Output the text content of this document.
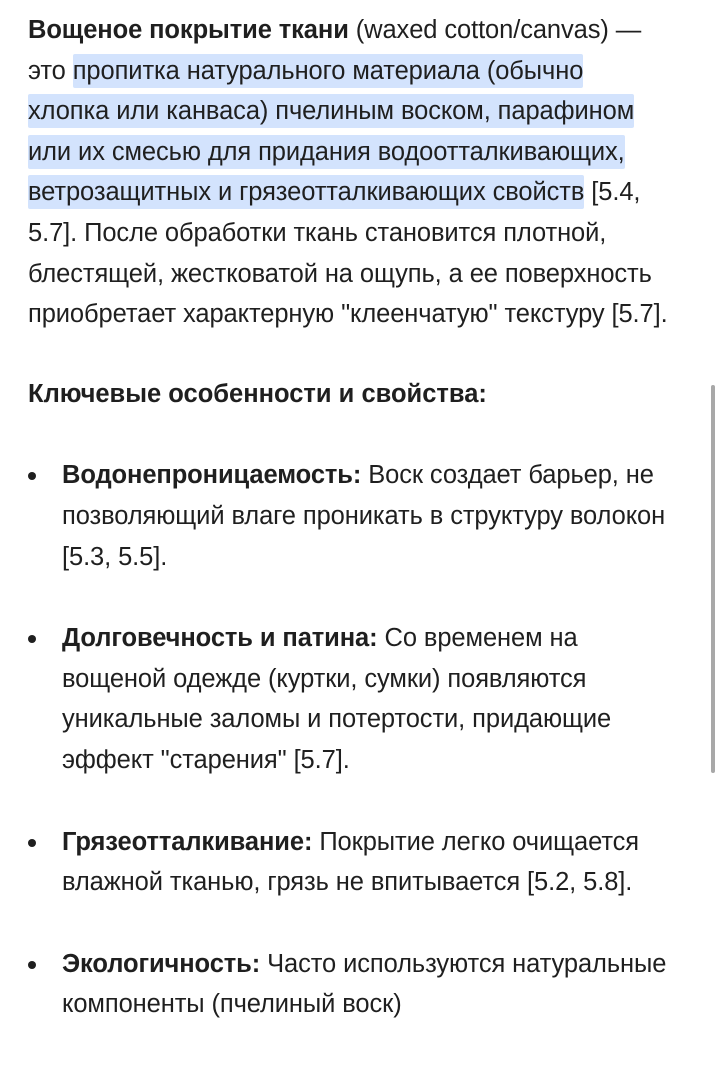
Вощеное покрытие ткани (waxed cotton/canvas) — это пропитка натурального материала (обычно хлопка или канваса) пчелиным воском, парафином или их смесью для придания водоотталкивающих, ветрозащитных и грязеотталкивающих свойств [5.4, 5.7]. После обработки ткань становится плотной, блестящей, жестковатой на ощупь, а ее поверхность приобретает характерную "клеенчатую" текстуру [5.7].

Ключевые особенности и свойства:
Водонепроницаемость: Воск создает барьер, не позволяющий влаге проникать в структуру волокон [5.3, 5.5].
Долговечность и патина: Со временем на вощеной одежде (куртки, сумки) появляются уникальные заломы и потертости, придающие эффект "старения" [5.7].
Грязеотталкивание: Покрытие легко очищается влажной тканью, грязь не впитывается [5.2, 5.8].
Экологичность: Часто используются натуральные компоненты (пчелиный воск)
